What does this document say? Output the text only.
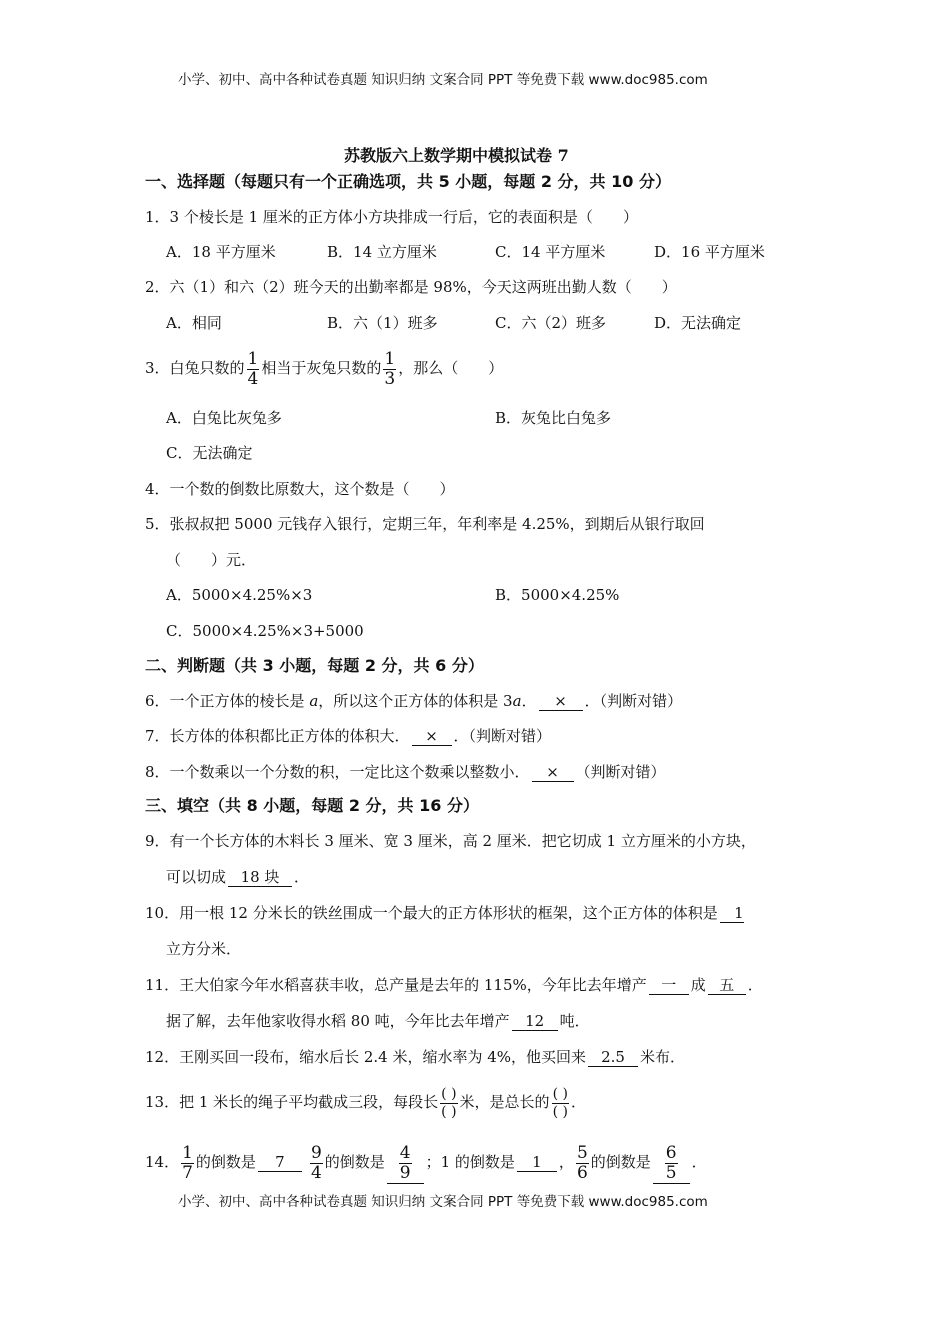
小学、初中、高中各种试卷真题 知识归纳 文案合同 PPT 等免费下载 www.doc985.com
苏教版六上数学期中模拟试卷 7
一、选择题（每题只有一个正确选项，共 5 小题，每题 2 分，共 10 分）
1．3 个棱长是 1 厘米的正方体小方块排成一行后，它的表面积是（　　）
A．18 平方厘米	B．14 立方厘米	C．14 平方厘米	D．16 平方厘米
2．六（1）和六（2）班今天的出勤率都是 98%，今天这两班出勤人数（　　）
A．相同	B．六（1）班多	C．六（2）班多	D．无法确定
3．白兔只数的 $\frac{1}{4}$ 相当于灰兔只数的 $\frac{1}{3}$ ，那么（　　）
A．白兔比灰兔多	B．灰兔比白兔多
C．无法确定
4．一个数的倒数比原数大，这个数是（　　）
5．张叔叔把 5000 元钱存入银行，定期三年，年利率是 4.25%，到期后从银行取回
（　　）元．
A．5000×4.25%×3	B．5000×4.25%
C．5000×4.25%×3+5000
二、判断题（共 3 小题，每题 2 分，共 6 分）
6．一个正方体的棱长是 a，所以这个正方体的体积是 3a． × ．（判断对错）
7．长方体的体积都比正方体的体积大． × ．（判断对错）
8．一个数乘以一个分数的积，一定比这个数乘以整数小． × （判断对错）
三、填空（共 8 小题，每题 2 分，共 16 分）
9．有一个长方体的木料长 3 厘米、宽 3 厘米，高 2 厘米．把它切成 1 立方厘米的小方块，
可以切成 18 块 ．
10．用一根 12 分米长的铁丝围成一个最大的正方体形状的框架，这个正方体的体积是 1
立方分米．
11．王大伯家今年水稻喜获丰收，总产量是去年的 115%，今年比去年增产 一 成 五 ．
据了解，去年他家收得水稻 80 吨，今年比去年增产 12 吨．
12．王刚买回一段布，缩水后长 2.4 米，缩水率为 4%，他买回来 2.5 米布．
13．把 1 米长的绳子平均截成三段，每段长 $\frac{( )}{( )}$ 米，是总长的 $\frac{( )}{( )}$ ．
14． $\frac{1}{7}$ 的倒数是 $7 \frac{9}{4}$ 的倒数是 $\frac{4}{9}$ ；1 的倒数是 1 ， $\frac{5}{6}$ 的倒数是 $\frac{6}{5}$ ．
小学、初中、高中各种试卷真题 知识归纳 文案合同 PPT 等免费下载 www.doc985.com
